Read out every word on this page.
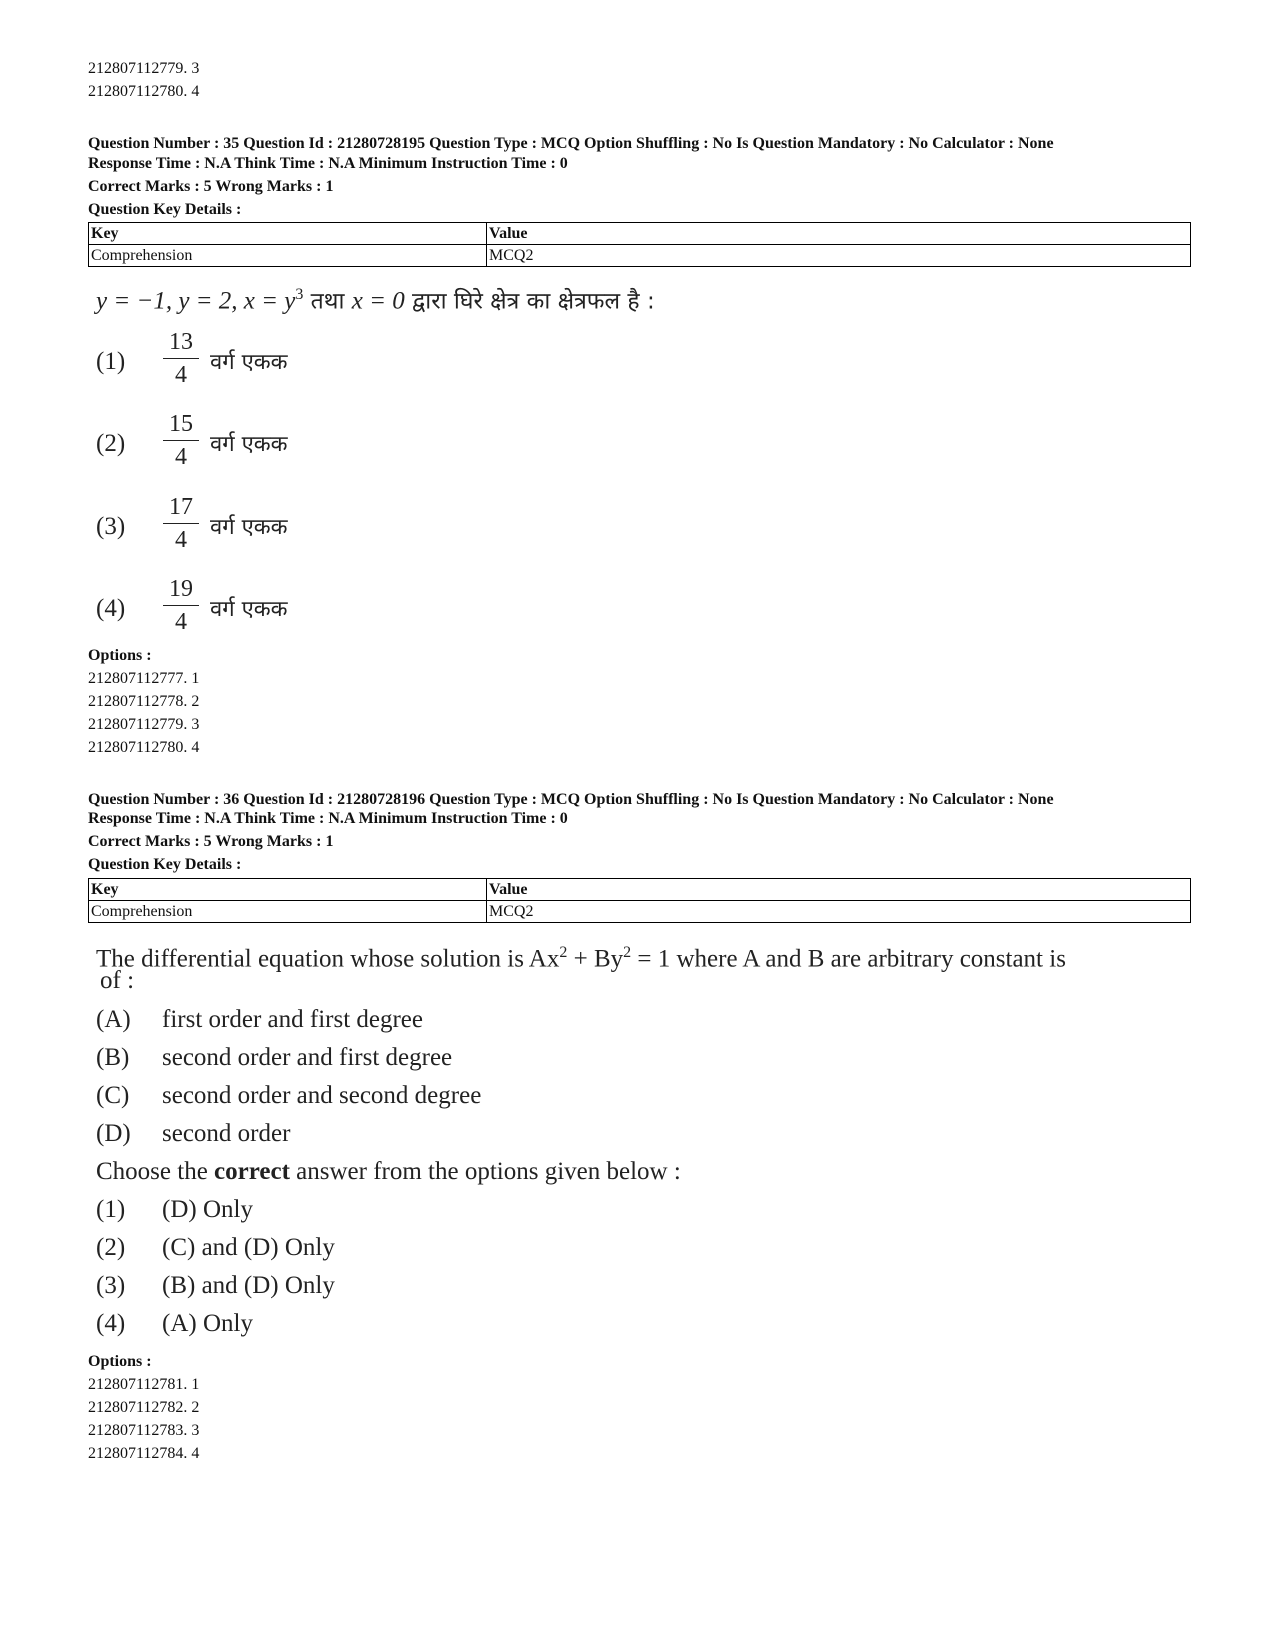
212807112779. 3
212807112780. 4
Question Number : 35 Question Id : 21280728195 Question Type : MCQ Option Shuffling : No Is Question Mandatory : No Calculator : None
Response Time : N.A Think Time : N.A Minimum Instruction Time : 0
Correct Marks : 5 Wrong Marks : 1
Question Key Details :
Key	Value
Comprehension	MCQ2
y = −1, y = 2, $x = y^3$ तथा x = 0 द्वारा घिरे क्षेत्र का क्षेत्रफल है :
(1)
13
4	वर्ग एकक
(2)
15
4	वर्ग एकक
(3)
17
4	वर्ग एकक
(4)
19
4	वर्ग एकक
Options :
212807112777. 1
212807112778. 2
212807112779. 3
212807112780. 4
Question Number : 36 Question Id : 21280728196 Question Type : MCQ Option Shuffling : No Is Question Mandatory : No Calculator : None
Response Time : N.A Think Time : N.A Minimum Instruction Time : 0
Correct Marks : 5 Wrong Marks : 1
Question Key Details :
Key	Value
Comprehension	MCQ2
The differential equation whose solution is $Ax^2 + By^2 = 1$ where A and B are arbitrary constant is
of :
(A) first order and first degree
(B) second order and first degree
(C) second order and second degree
(D) second order
Choose the correct answer from the options given below :
(1) (D) Only
(2) (C) and (D) Only
(3) (B) and (D) Only
(4) (A) Only
Options :
212807112781. 1
212807112782. 2
212807112783. 3
212807112784. 4
